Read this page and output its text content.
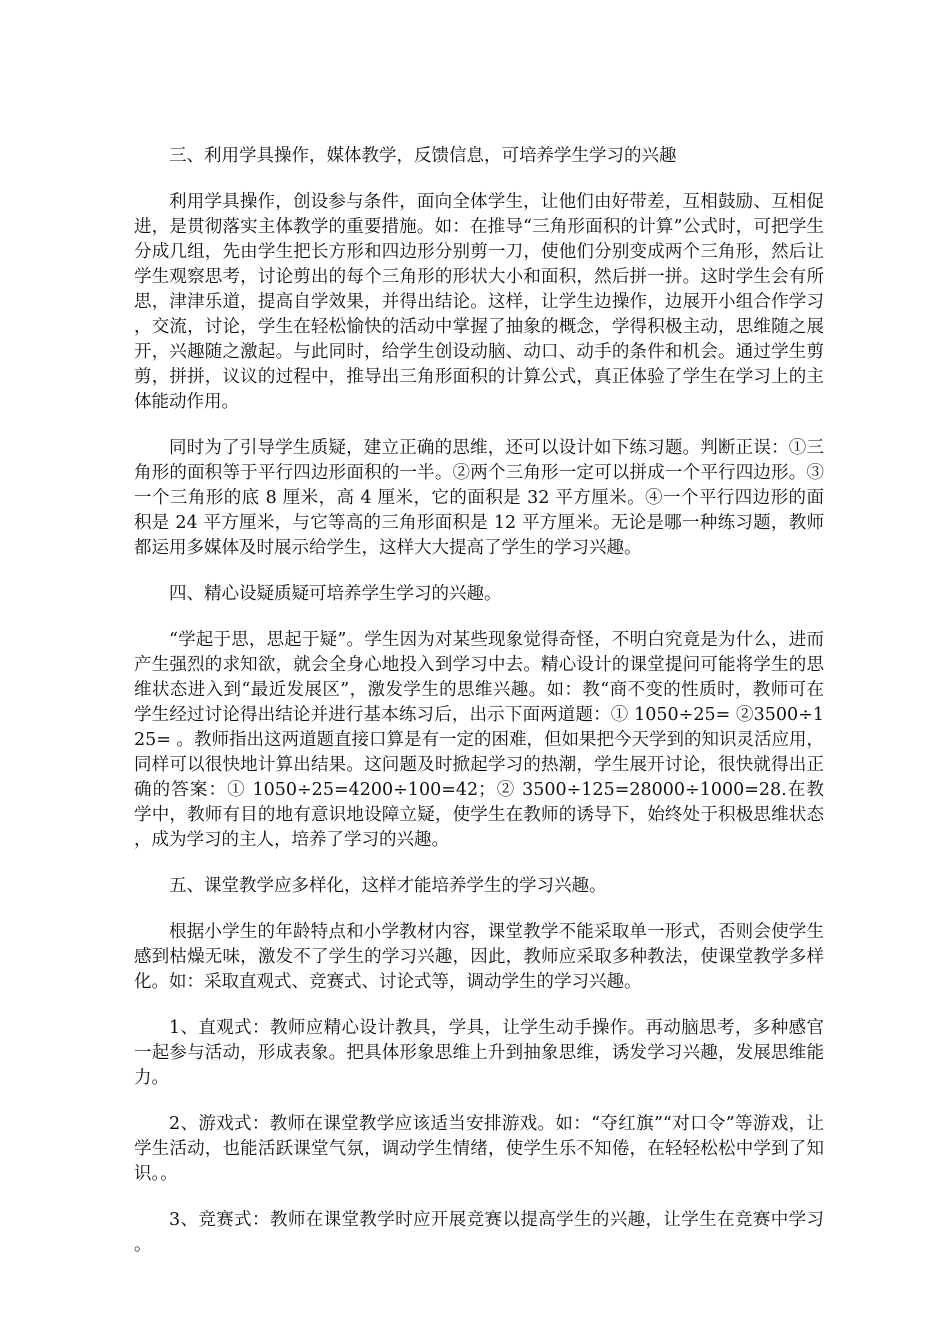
三、利用学具操作，媒体教学，反馈信息，可培养学生学习的兴趣

利用学具操作，创设参与条件，面向全体学生，让他们由好带差，互相鼓励、互相促进，是贯彻落实主体教学的重要措施。如：在推导“三角形面积的计算”公式时，可把学生分成几组，先由学生把长方形和四边形分别剪一刀，使他们分别变成两个三角形，然后让学生观察思考，讨论剪出的每个三角形的形状大小和面积，然后拼一拼。这时学生会有所思，津津乐道，提高自学效果，并得出结论。这样，让学生边操作，边展开小组合作学习，交流，讨论，学生在轻松愉快的活动中掌握了抽象的概念，学得积极主动，思维随之展开，兴趣随之激起。与此同时，给学生创设动脑、动口、动手的条件和机会。通过学生剪剪，拼拼，议议的过程中，推导出三角形面积的计算公式，真正体验了学生在学习上的主体能动作用。

同时为了引导学生质疑，建立正确的思维，还可以设计如下练习题。判断正误：①三角形的面积等于平行四边形面积的一半。②两个三角形一定可以拼成一个平行四边形。③一个三角形的底 8 厘米，高 4 厘米，它的面积是 32 平方厘米。④一个平行四边形的面积是 24 平方厘米，与它等高的三角形面积是 12 平方厘米。无论是哪一种练习题，教师都运用多媒体及时展示给学生，这样大大提高了学生的学习兴趣。

四、精心设疑质疑可培养学生学习的兴趣。

“学起于思，思起于疑”。学生因为对某些现象觉得奇怪，不明白究竟是为什么，进而产生强烈的求知欲，就会全身心地投入到学习中去。精心设计的课堂提问可能将学生的思维状态进入到“最近发展区”，激发学生的思维兴趣。如：教“商不变的性质时，教师可在学生经过讨论得出结论并进行基本练习后，出示下面两道题：① 1050÷25= ②3500÷125= 。教师指出这两道题直接口算是有一定的困难，但如果把今天学到的知识灵活应用，同样可以很快地计算出结果。这问题及时掀起学习的热潮，学生展开讨论，很快就得出正确的答案：① 1050÷25=4200÷100=42；② 3500÷125=28000÷1000=28.在教学中，教师有目的地有意识地设障立疑，使学生在教师的诱导下，始终处于积极思维状态，成为学习的主人，培养了学习的兴趣。

五、课堂教学应多样化，这样才能培养学生的学习兴趣。

根据小学生的年龄特点和小学教材内容，课堂教学不能采取单一形式，否则会使学生感到枯燥无味，激发不了学生的学习兴趣，因此，教师应采取多种教法，使课堂教学多样化。如：采取直观式、竞赛式、讨论式等，调动学生的学习兴趣。

1、直观式：教师应精心设计教具，学具，让学生动手操作。再动脑思考，多种感官一起参与活动，形成表象。把具体形象思维上升到抽象思维，诱发学习兴趣，发展思维能力。

2、游戏式：教师在课堂教学应该适当安排游戏。如：“夺红旗”“对口令”等游戏，让学生活动，也能活跃课堂气氛，调动学生情绪，使学生乐不知倦，在轻轻松松中学到了知识。。

3、竞赛式：教师在课堂教学时应开展竞赛以提高学生的兴趣，让学生在竞赛中学习。
